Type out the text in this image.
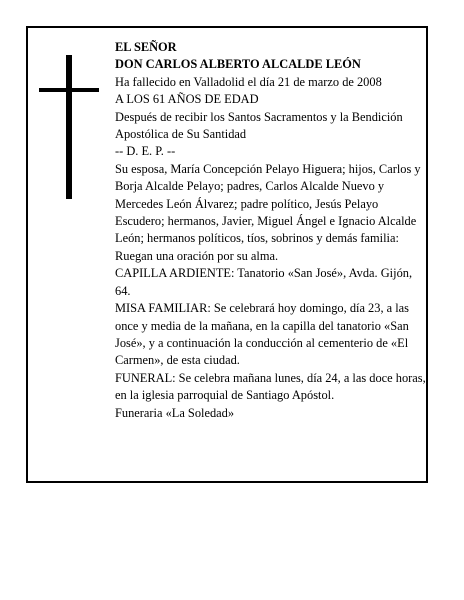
EL SEÑOR

DON CARLOS ALBERTO ALCALDE LEÓN

Ha fallecido en Valladolid el día 21 de marzo de 2008

A LOS 61 AÑOS DE EDAD

Después de recibir los Santos Sacramentos y la Bendición Apostólica de Su Santidad

-- D. E. P. --

Su esposa, María Concepción Pelayo Higuera; hijos, Carlos y Borja Alcalde Pelayo; padres, Carlos Alcalde Nuevo y Mercedes León Álvarez; padre político, Jesús Pelayo Escudero; hermanos, Javier, Miguel Ángel e Ignacio Alcalde León; hermanos políticos, tíos, sobrinos y demás familia:

Ruegan una oración por su alma.

CAPILLA ARDIENTE: Tanatorio «San José», Avda. Gijón, 64.

MISA FAMILIAR: Se celebrará hoy domingo, día 23, a las once y media de la mañana, en la capilla del tanatorio «San José», y a continuación la conducción al cementerio de «El Carmen», de esta ciudad.

FUNERAL: Se celebra mañana lunes, día 24, a las doce horas, en la iglesia parroquial de Santiago Apóstol.

Funeraria «La Soledad»
